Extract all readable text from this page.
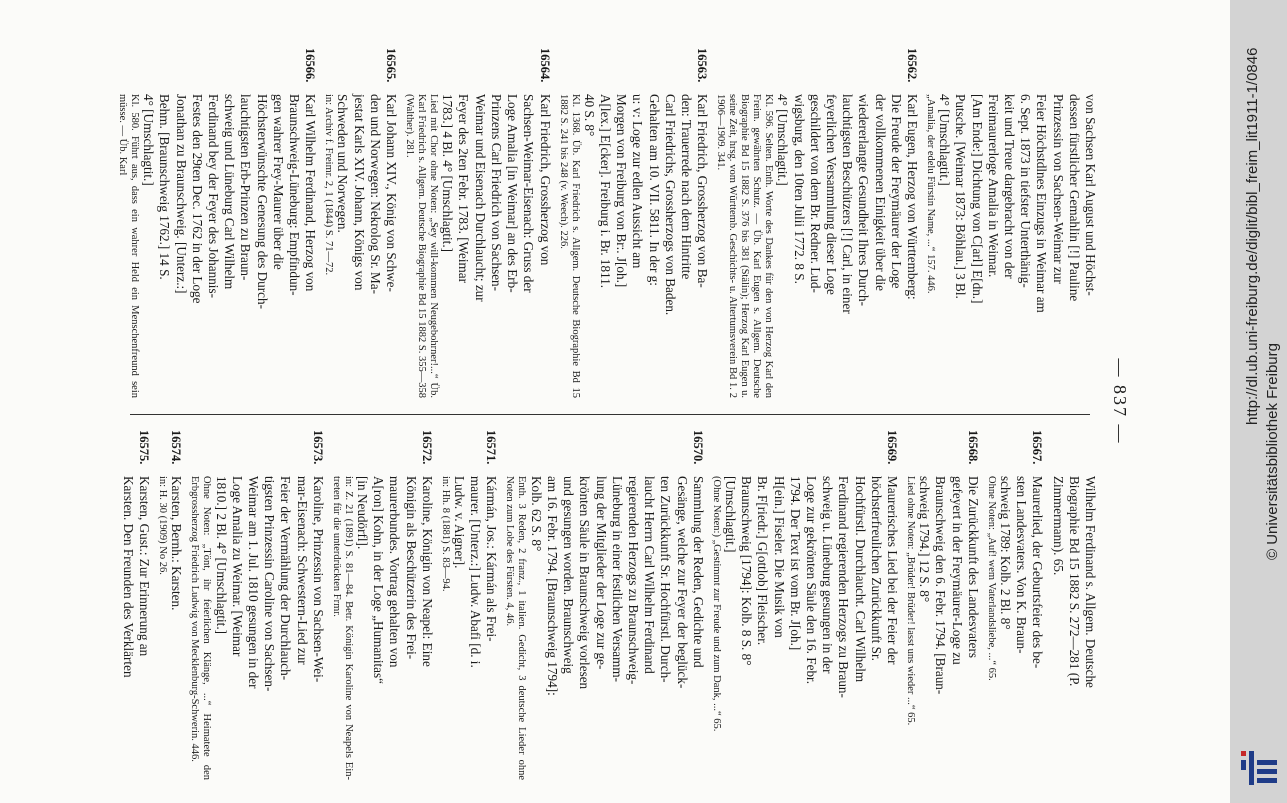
— 837 —
von Sachsen Karl August und Höchst-
dessen fürstlicher Gemahlin [!] Pauline
Prinzessin von Sachsen-Weimar zur
Feier Höchstdlnes Einzugs in Weimar am
6. Sept. 1873 in tiefster Unterthänig-
keit und Treue dargebracht von der
Freimaurerloge Amalia in Weimar.
[Am Ende:] Dichtung von C[arl] E[dn.]
Putsche. [Weimar 1873: Böhlau.] 3 Bl.
4° [Umschlagtit.]
„Amalia, der edelu Fürstin Name, ...“ 157. 446.
16562.
Karl Eugen, Herzog von Württemberg:
Die Freude der Freymäurer der Loge
der vollkommenen Einigkeit über die
wiedererlangte Gesundheit Ihres Durch-
lauchtigsten Beschützers [!] Carl, in einer
feyerlichen Versammlung dieser Loge
geschildert von dem Br. Redner. Lud-
wigsburg, den 10ten Julii 1772. 8 S.
4° [Umschlagtit.]
Kl. 596. Selten. Enth. Worte des Dankes für den von Herzog Karl den Freim. gewährten Schutz. — Üb. Karl Eugen s. Allgem. Deutsche Biographie Bd 15 1882 S. 376 bis 381 (Stälin); Herzog Karl Eugen u. seine Zeit, hrsg. vom Württemb. Geschichts- u. Altertumsverein Bd 1. 2 1906—1909. 341.
16563.
Karl Friedrich, Grossherzog von Ba-
den: Trauerrede nach dem Hintritte
Carl Friedrichs, Grossherzogs von Baden.
Gehalten am 10. VII. 5811. In der g:
u: v: Loge zur edlen Aussicht am
Morgen von Freiburg von Br:. J[oh.]
A[lex.] E[cker]. Freiburg i. Br. 1811.
40 S. 8°
Kl. 1368. Üb. Karl Friedrich s. Allgem. Deutsche Biographie Bd 15 1882 S. 241 bis 248 (v. Weech). 226.
16564.
Karl Friedrich, Grossherzog von
Sachsen-Weimar-Eisenach: Gruss der
Loge Amalia [in Weimar] an des Erb-
Prinzens Carl Friedrich von Sachsen-
Weimar und Eisenach Durchlaucht; zur
Feyer des 2ten Febr. 1783. [Weimar
1783.] 4 Bl. 4° [Umschlagtit.]
Lied mit Chor ohne Noten: „Sey will-kommen Neugebohrner!...“ Üb. Karl Friedrich s. Allgem. Deutsche Biographie Bd 15 1882 S. 355—358 (Walther). 281.
16565.
Karl Johann XIV., König von Schwe-
den und Norwegen: Nekrolog Sr. Ma-
jestat Karls XIV. Johann, Königs von
Schweden und Norwegen.
in: Archiv f. Freimr. 2, 1 (1844) S. 71—72.
16566.
Karl Wilhelm Ferdinand, Herzog von
Braunschweig-Lüneburg: Empfindun-
gen wahrer Frey-Maurer über die
Höchsterwünschte Genesung des Durch-
lauchtigsten Erb-Prinzen zu Braun-
schweig und Lüneburg Carl Wilhelm
Ferdinand bey der Feyer des Johannis-
Festes den 29ten Dec. 1762 in der Loge
Jonathan zu Braunschweig. [Unterz.:]
Behm. [Braunschweig 1762.] 14 S.
4° [Umschlagtit.]
Kl. 580. Führt aus, dass ein wahrer Held ein Menschenfreund sein müsse. — Üb. Karl
Wilhelm Ferdinand s. Allgem. Deutsche
Biographie Bd 15 1882 S. 272—281 (P.
Zimmermann). 65.
16567.
Maurerlied, der Geburtsfeier des be-
sten Landesvaters. Von K. Braun-
schweig 1789: Kolb. 2 Bl. 8°
Ohne Noten: „Auf! wem Vaterlandsliebe, ...“ 65.
16568.
Die Zurückkunft des Landesvaters
gefeyert in der Freymäurer-Loge zu
Braunschweig den 6. Febr. 1794. [Braun-
schweig 1794.] 12 S. 8°
Lied ohne Noten: „Brüder! Brüder! lasst uns wieder ...“ 65.
16569.
Maurerisches Lied bei der Feier der
höchsterfreulichen Zurückkunft Sr.
Hochfürstl. Durchlaucht. Carl Wilhelm
Ferdinand regierenden Herzogs zu Braun-
schweig u. Lüneburg gesungen in der
Loge zur gekrönten Säule den 16. Febr.
1794. Der Text ist vom Br. J[oh.]
H[ein.] Fiseler. Die Musik von
Br. F[riedr.] G[ottlob] Fleischer.
Braunschweig [1794]: Kolb. 8 S. 8°
[Umschlagtit.]
(Ohne Noten:) „Gestimmt zur Freude und zum Dank, ...“ 65.
16570.
Sammlung der Reden, Gedichte und
Gesänge, welche zur Feyer der beglück-
ten Zurückkunft Sr. Hochfürstl. Durch-
laucht Herrn Carl Wilhelm Ferdinand
regierenden Herzogs zu Braunschweig-
Lüneburg in einer festlichen Versamm-
lung der Mitglieder der Loge zur ge-
krönten Säule in Braunschweig vorlesen
und gesungen worden. Braunschweig
am 16. Febr. 1794. [Braunschweig 1794]:
Kolb. 62 S. 8°
Enth. 3 Reden, 2 franz., 1 italien. Gedicht, 3 deutsche Lieder ohne Noten zum Lobe des Fürsten. 4, 46.
16571.
Kármán, Jos.: Kármán als Frei-
maurer. [Unterz.:] Ludw. Abafi [d. i.
Ludw. v. Aigner].
in: Hh. 8 (1881) S. 83—94.
16572.
Karoline, Königin von Neapel: Eine
Königin als Beschützerin des Frei-
maurerbundes. Vortrag gehalten von
A[ron] Kohn, in der Loge „Humanitas“
[in Neudörfl].
in: Z. 21 (1891) S. 81—84. Betr. Königin Karoline von Neapels Ein-treten für die unterdrückten Frmr.
16573.
Karoline, Prinzessin von Sachsen-Wei-
mar-Eisenach: Schwestern-Lied zur
Feier der Vermählung der Durchlauch-
tigsten Prinzessin Caroline von Sachsen-
Weimar am 1. Jul. 1810 gesungen in der
Loge Amalia zu Weimar. [Weimar
1810.] 2 Bl. 4° [Umschlagtit.]
Ohne Noten: „Tönt, ihr feierlichen Klänge, ...“ Heimatete den Erbgrossherzog Friedrich Ludwig von Mecklenburg-Schwerin. 446.
16574.
Karsten, Bernh.: Karsten.
in: H. 30 (1909) No 26.
16575.
Karsten, Gust.: Zur Erinnerung an
Karsten. Den Freunden des Verklärten
http://dl.ub.uni-freiburg.de/diglit/bibl_freim_lit1911-1/0846
© Universitätsbibliothek Freiburg
